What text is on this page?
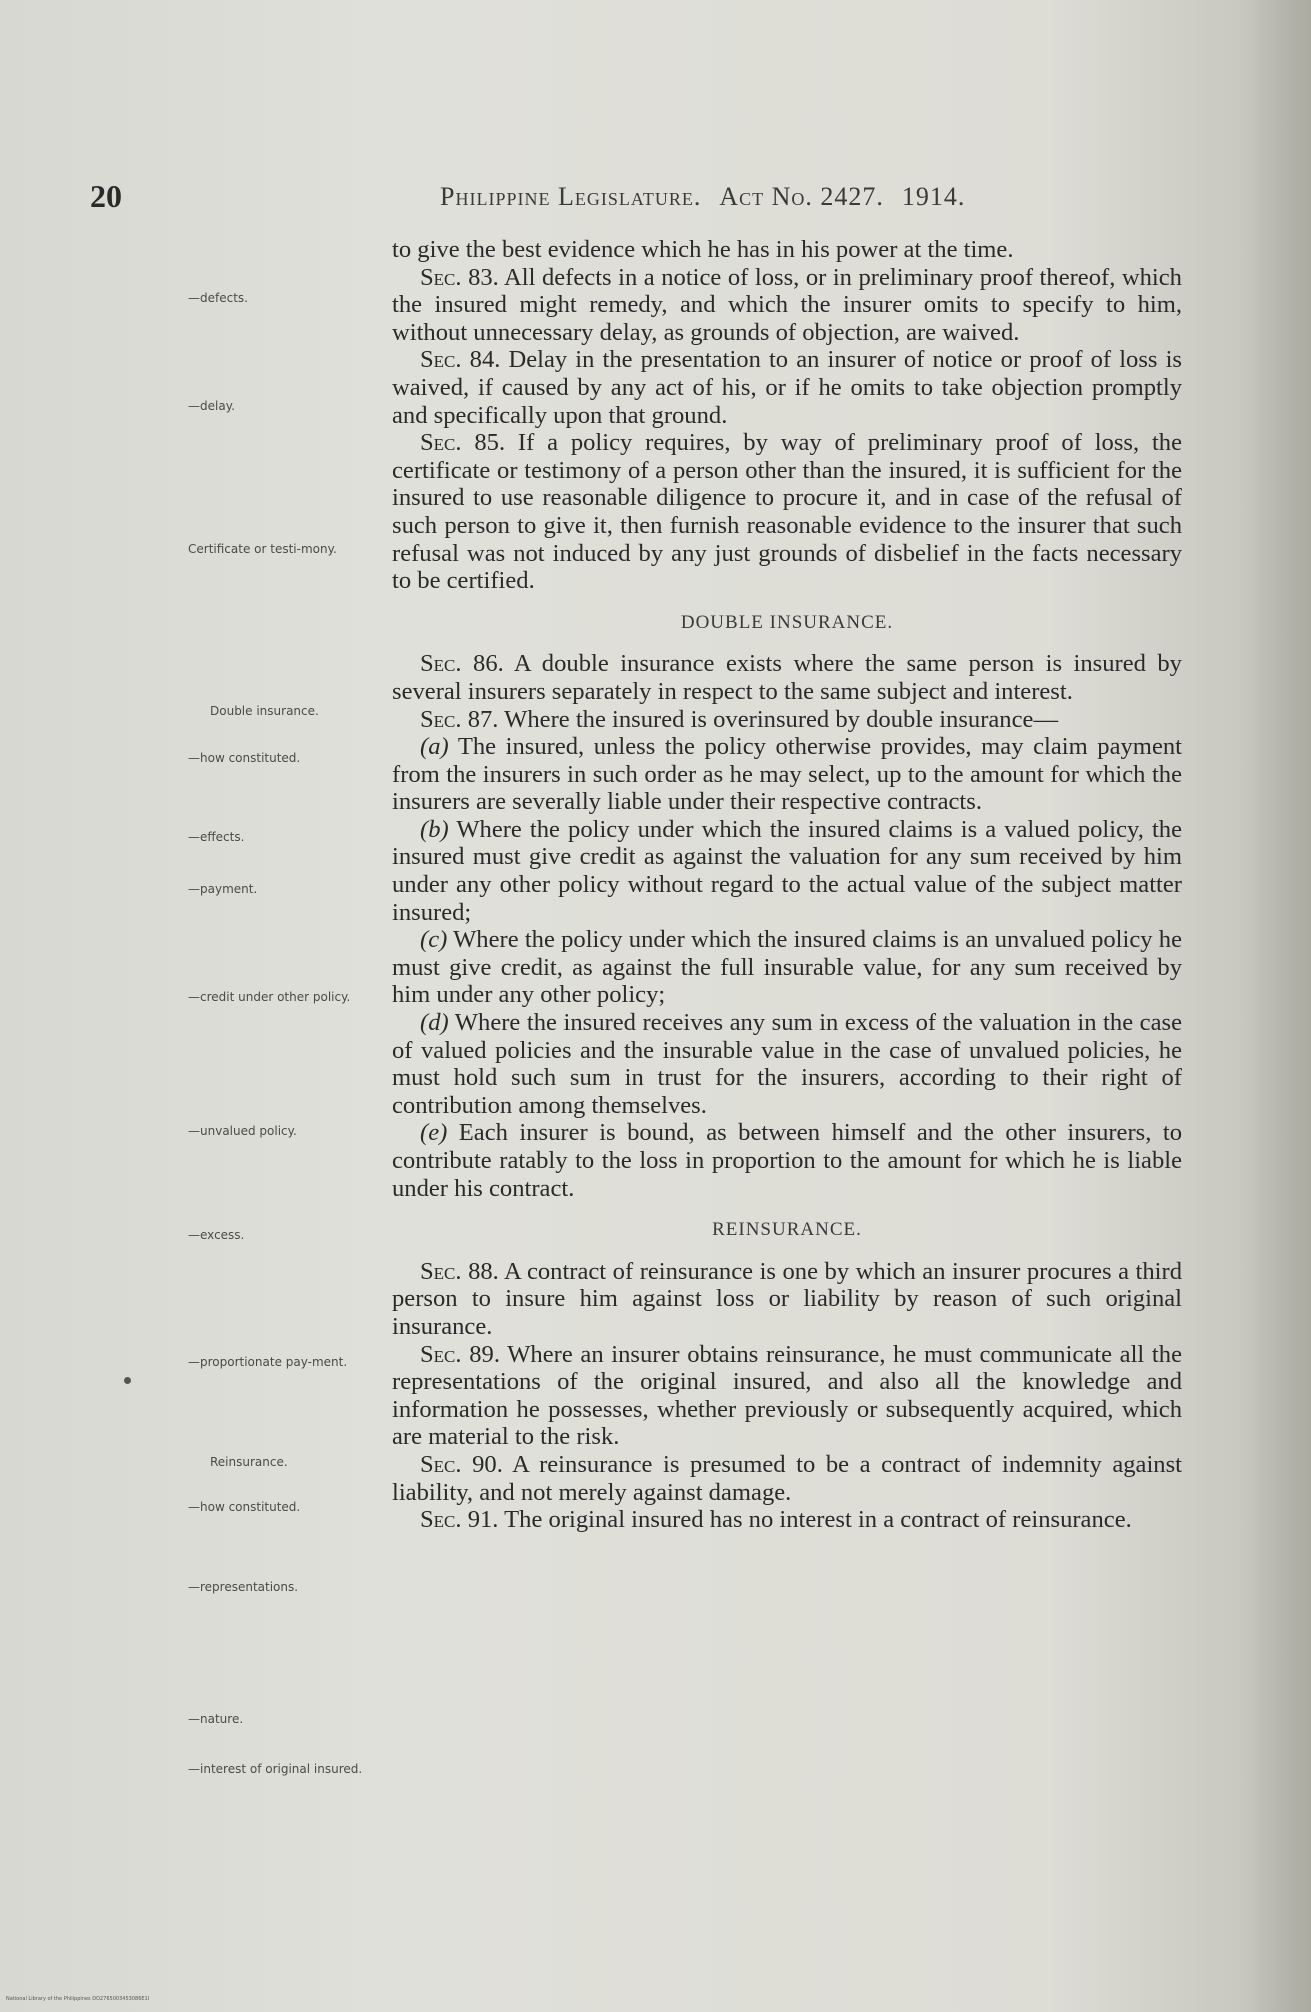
20	Philippine Legislature. Act No. 2427. 1914.
—defects.
—delay.
Certificate or testi-mony.
Double insurance.
—how constituted.
—effects.
—payment.
—credit under other policy.
—unvalued policy.
—excess.
—proportionate pay-ment.
Reinsurance.
—how constituted.
—representations.
—nature.
—interest of original insured.

to give the best evidence which he has in his power at the time.

Sec. 83. All defects in a notice of loss, or in preliminary proof thereof, which the insured might remedy, and which the insurer omits to specify to him, without unnecessary delay, as grounds of objection, are waived.

Sec. 84. Delay in the presentation to an insurer of notice or proof of loss is waived, if caused by any act of his, or if he omits to take objection promptly and specifically upon that ground.

Sec. 85. If a policy requires, by way of preliminary proof of loss, the certificate or testimony of a person other than the insured, it is sufficient for the insured to use reasonable diligence to procure it, and in case of the refusal of such person to give it, then furnish reasonable evidence to the insurer that such refusal was not induced by any just grounds of disbelief in the facts necessary to be certified.

DOUBLE INSURANCE.

Sec. 86. A double insurance exists where the same person is insured by several insurers separately in respect to the same subject and interest.

Sec. 87. Where the insured is overinsured by double insurance—

(a) The insured, unless the policy otherwise provides, may claim payment from the insurers in such order as he may select, up to the amount for which the insurers are severally liable under their respective contracts.

(b) Where the policy under which the insured claims is a valued policy, the insured must give credit as against the valuation for any sum received by him under any other policy without regard to the actual value of the subject matter insured;

(c) Where the policy under which the insured claims is an unvalued policy he must give credit, as against the full insurable value, for any sum received by him under any other policy;

(d) Where the insured receives any sum in excess of the valuation in the case of valued policies and the insurable value in the case of unvalued policies, he must hold such sum in trust for the insurers, according to their right of contribution among themselves.

(e) Each insurer is bound, as between himself and the other insurers, to contribute ratably to the loss in proportion to the amount for which he is liable under his contract.

REINSURANCE.

Sec. 88. A contract of reinsurance is one by which an insurer procures a third person to insure him against loss or liability by reason of such original insurance.

Sec. 89. Where an insurer obtains reinsurance, he must communicate all the representations of the original insured, and also all the knowledge and information he possesses, whether previously or subsequently acquired, which are material to the risk.

Sec. 90. A reinsurance is presumed to be a contract of indemnity against liability, and not merely against damage.

Sec. 91. The original insured has no interest in a contract of reinsurance.

National Library of the Philippines DO2765003453086E1I
